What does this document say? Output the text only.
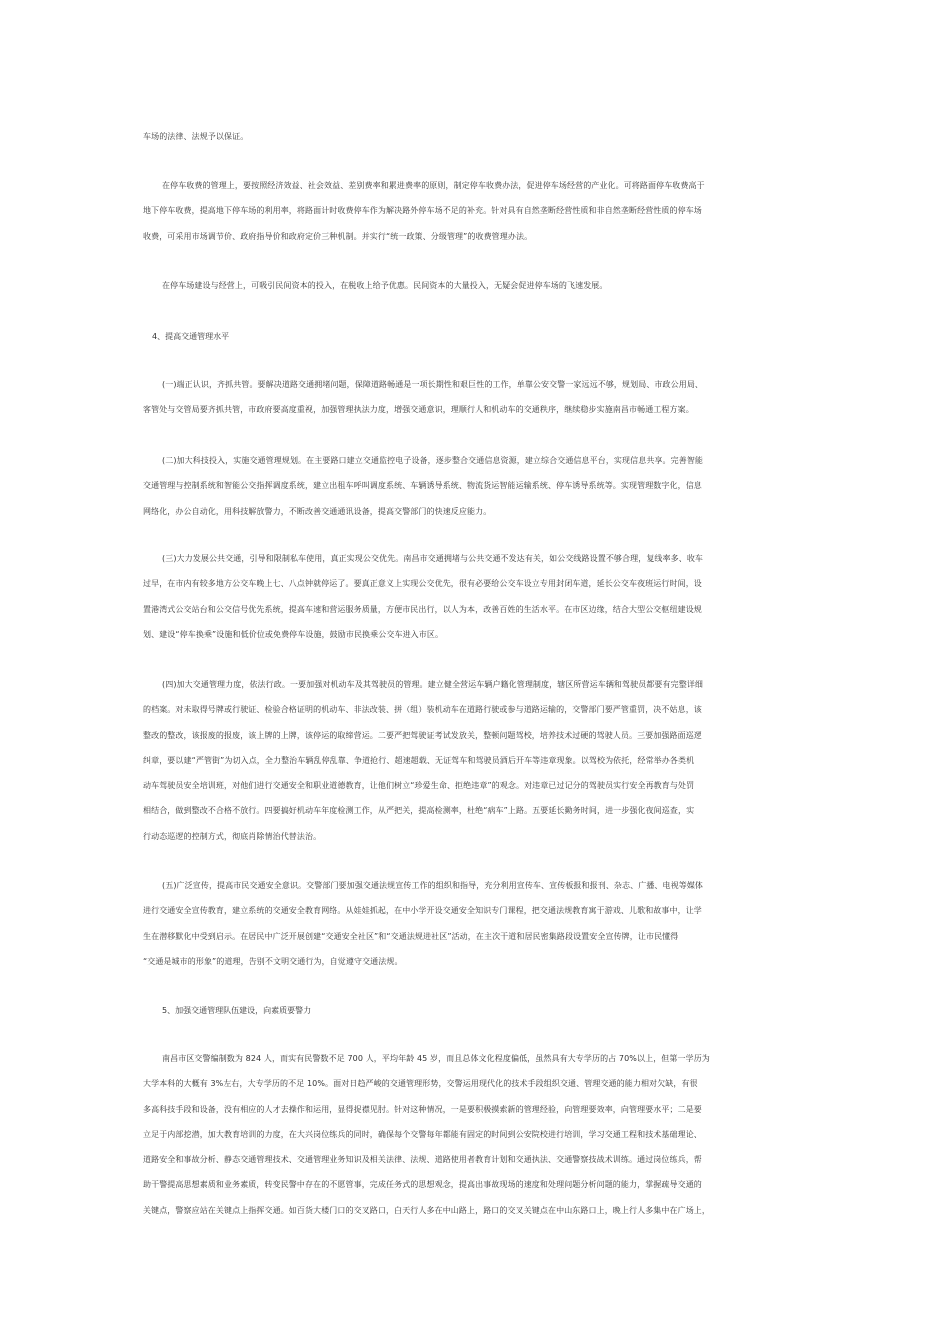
车场的法律、法规予以保证。
在停车收费的管理上，要按照经济效益、社会效益、差别费率和累进费率的原则，制定停车收费办法，促进停车场经营的产业化。可将路面停车收费高于
地下停车收费，提高地下停车场的利用率，将路面计时收费停车作为解决路外停车场不足的补充。针对具有自然垄断经营性质和非自然垄断经营性质的停车场
收费，可采用市场调节价、政府指导价和政府定价三种机制。并实行“统一政策、分级管理”的收费管理办法。
在停车场建设与经营上，可吸引民间资本的投入，在税收上给予优惠。民间资本的大量投入，无疑会促进停车场的飞速发展。
4、提高交通管理水平
(一)端正认识，齐抓共管。要解决道路交通拥堵问题，保障道路畅通是一项长期性和艰巨性的工作，单靠公安交警一家远远不够，规划局、市政公用局、
客管处与交管局要齐抓共管，市政府要高度重视，加强管理执法力度，增强交通意识，理顺行人和机动车的交通秩序，继续稳步实施南昌市畅通工程方案。
(二)加大科技投入，实施交通管理规划。在主要路口建立交通监控电子设备，逐步整合交通信息资源，建立综合交通信息平台，实现信息共享。完善智能
交通管理与控制系统和智能公交指挥调度系统，建立出租车呼叫调度系统、车辆诱导系统、物流货运智能运输系统、停车诱导系统等。实现管理数字化，信息
网络化，办公自动化，用科技解放警力，不断改善交通通讯设备，提高交警部门的快速反应能力。
(三)大力发展公共交通，引导和限制私车使用，真正实现公交优先。南昌市交通拥堵与公共交通不发达有关，如公交线路设置不够合理，复线率多、收车
过早，在市内有较多地方公交车晚上七、八点钟就停运了。要真正意义上实现公交优先，很有必要给公交车设立专用封闭车道，延长公交车夜班运行时间，设
置港湾式公交站台和公交信号优先系统，提高车速和营运服务质量，方便市民出行，以人为本，改善百姓的生活水平。在市区边缘，结合大型公交枢纽建设规
划、建设“停车换乘”设施和低价位或免费停车设施，鼓励市民换乘公交车进入市区。
(四)加大交通管理力度，依法行政。一要加强对机动车及其驾驶员的管理。建立健全营运车辆户籍化管理制度，辖区所营运车辆和驾驶员都要有完整详细
的档案。对未取得号牌或行驶证、检验合格证明的机动车、非法改装、拼（组）装机动车在道路行驶或参与道路运输的，交警部门要严管重罚，决不姑息，该
整改的整改，该报废的报废，该上牌的上牌，该停运的取缔营运。二要严把驾驶证考试发放关，整顿问题驾校，培养技术过硬的驾驶人员。三要加强路面巡逻
纠章，要以建“严管街”为切入点，全力整治车辆乱停乱靠、争道抢行、超速超载、无证驾车和驾驶员酒后开车等违章现象。以驾校为依托，经常举办各类机
动车驾驶员安全培训班，对他们进行交通安全和职业道德教育，让他们树立“珍爱生命、拒绝违章”的观念。对违章已过记分的驾驶员实行安全再教育与处罚
相结合，做到整改不合格不放行。四要搞好机动车年度检测工作，从严把关，提高检测率，杜绝“病车”上路。五要延长勤务时间，进一步强化夜间巡查，实
行动态巡逻的控制方式，彻底肖除情治代替法治。
(五)广泛宣传，提高市民交通安全意识。交警部门要加强交通法规宣传工作的组织和指导，充分利用宣传车、宣传板报和报刊、杂志、广播、电视等媒体
进行交通安全宣传教育，建立系统的交通安全教育网络。从娃娃抓起，在中小学开设交通安全知识专门课程，把交通法规教育寓于游戏、儿歌和故事中，让学
生在潜移默化中受到启示。在居民中广泛开展创建“交通安全社区”和“交通法规进社区”活动，在主次干道和居民密集路段设置安全宣传牌，让市民懂得
“交通是城市的形象”的道理，告别不文明交通行为，自觉遵守交通法规。
5、加强交通管理队伍建设，向素质要警力
南昌市区交警编制数为 824 人，而实有民警数不足 700 人，平均年龄 45 岁，而且总体文化程度偏低，虽然具有大专学历的占 70%以上，但第一学历为
大学本科的大概有 3%左右，大专学历的不足 10%。面对日趋严峻的交通管理形势，交警运用现代化的技术手段组织交通、管理交通的能力相对欠缺，有很
多高科技手段和设备，没有相应的人才去操作和运用，显得捉襟见肘。针对这种情况，一是要积极摸索新的管理经验，向管理要效率，向管理要水平；二是要
立足于内部挖潜，加大教育培训的力度，在大兴岗位练兵的同时，确保每个交警每年都能有固定的时间到公安院校进行培训，学习交通工程和技术基础理论、
道路安全和事故分析、静态交通管理技术、交通管理业务知识及相关法律、法规、道路使用者教育计划和交通执法、交通警察技战术训练。通过岗位练兵，帮
助干警提高思想素质和业务素质，转变民警中存在的不愿管事，完成任务式的思想观念，提高出事故现场的速度和处理问题分析问题的能力，掌握疏导交通的
关键点，警察应站在关键点上指挥交通。如百货大楼门口的交叉路口，白天行人多在中山路上，路口的交叉关键点在中山东路口上，晚上行人多集中在广场上，
